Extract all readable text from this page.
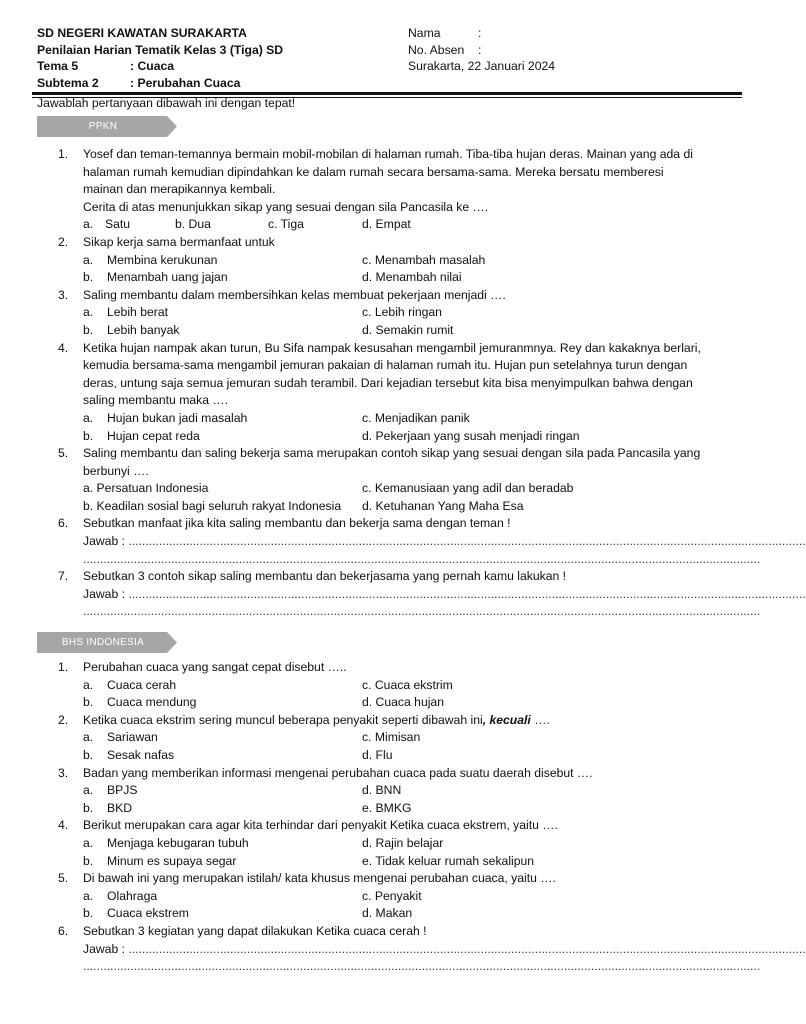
SD NEGERI KAWATAN SURAKARTA
Penilaian Harian Tematik Kelas 3 (Tiga) SD
Tema 5	: Cuaca
Subtema 2	: Perubahan Cuaca
Nama	:
No. Absen :
Surakarta, 22 Januari 2024
Jawablah pertanyaan dibawah ini dengan tepat!
PPKN
1.	Yosef dan teman-temannya bermain mobil-mobilan di halaman rumah. Tiba-tiba hujan deras. Mainan yang ada di
halaman rumah kemudian dipindahkan ke dalam rumah secara bersama-sama. Mereka bersatu memberesi
mainan dan merapikannya kembali.
Cerita di atas menunjukkan sikap yang sesuai dengan sila Pancasila ke ….
a. Satu	b. Dua	c. Tiga	d. Empat
2.	Sikap kerja sama bermanfaat untuk
a. Membina kerukunan	c. Menambah masalah
b. Menambah uang jajan	d. Menambah nilai
3.	Saling membantu dalam membersihkan kelas membuat pekerjaan menjadi ….
a. Lebih berat	c. Lebih ringan
b. Lebih banyak	d. Semakin rumit
4.	Ketika hujan nampak akan turun, Bu Sifa nampak kesusahan mengambil jemuranmnya. Rey dan kakaknya berlari,
kemudia bersama-sama mengambil jemuran pakaian di halaman rumah itu. Hujan pun setelahnya turun dengan
deras, untung saja semua jemuran sudah terambil. Dari kejadian tersebut kita bisa menyimpulkan bahwa dengan
saling membantu maka ….
a. Hujan bukan jadi masalah	c. Menjadikan panik
b. Hujan cepat reda	d. Pekerjaan yang susah menjadi ringan
5.	Saling membantu dan saling bekerja sama merupakan contoh sikap yang sesuai dengan sila pada Pancasila yang
berbunyi ….
a. Persatuan Indonesia	c. Kemanusiaan yang adil dan beradab
b. Keadilan sosial bagi seluruh rakyat Indonesia d. Ketuhanan Yang Maha Esa
6.	Sebutkan manfaat jika kita saling membantu dan bekerja sama dengan teman !
Jawab : ........................................................................................................................................................................................................
........................................................................................................................................................................................................
7.	Sebutkan 3 contoh sikap saling membantu dan bekerjasama yang pernah kamu lakukan !
Jawab : ........................................................................................................................................................................................................
........................................................................................................................................................................................................
BHS INDONESIA
1.	Perubahan cuaca yang sangat cepat disebut …..
a. Cuaca cerah	c. Cuaca ekstrim
b. Cuaca mendung	d. Cuaca hujan
2.	Ketika cuaca ekstrim sering muncul beberapa penyakit seperti dibawah ini, kecuali ….
a. Sariawan	c. Mimisan
b. Sesak nafas	d. Flu
3.	Badan yang memberikan informasi mengenai perubahan cuaca pada suatu daerah disebut ….
a. BPJS	d. BNN
b. BKD	e. BMKG
4.	Berikut merupakan cara agar kita terhindar dari penyakit Ketika cuaca ekstrem, yaitu ….
a. Menjaga kebugaran tubuh	d. Rajin belajar
b. Minum es supaya segar	e. Tidak keluar rumah sekalipun
5.	Di bawah ini yang merupakan istilah/ kata khusus mengenai perubahan cuaca, yaitu ….
a. Olahraga	c. Penyakit
b. Cuaca ekstrem	d. Makan
6.	Sebutkan 3 kegiatan yang dapat dilakukan Ketika cuaca cerah !
Jawab : ........................................................................................................................................................................................................
........................................................................................................................................................................................................
